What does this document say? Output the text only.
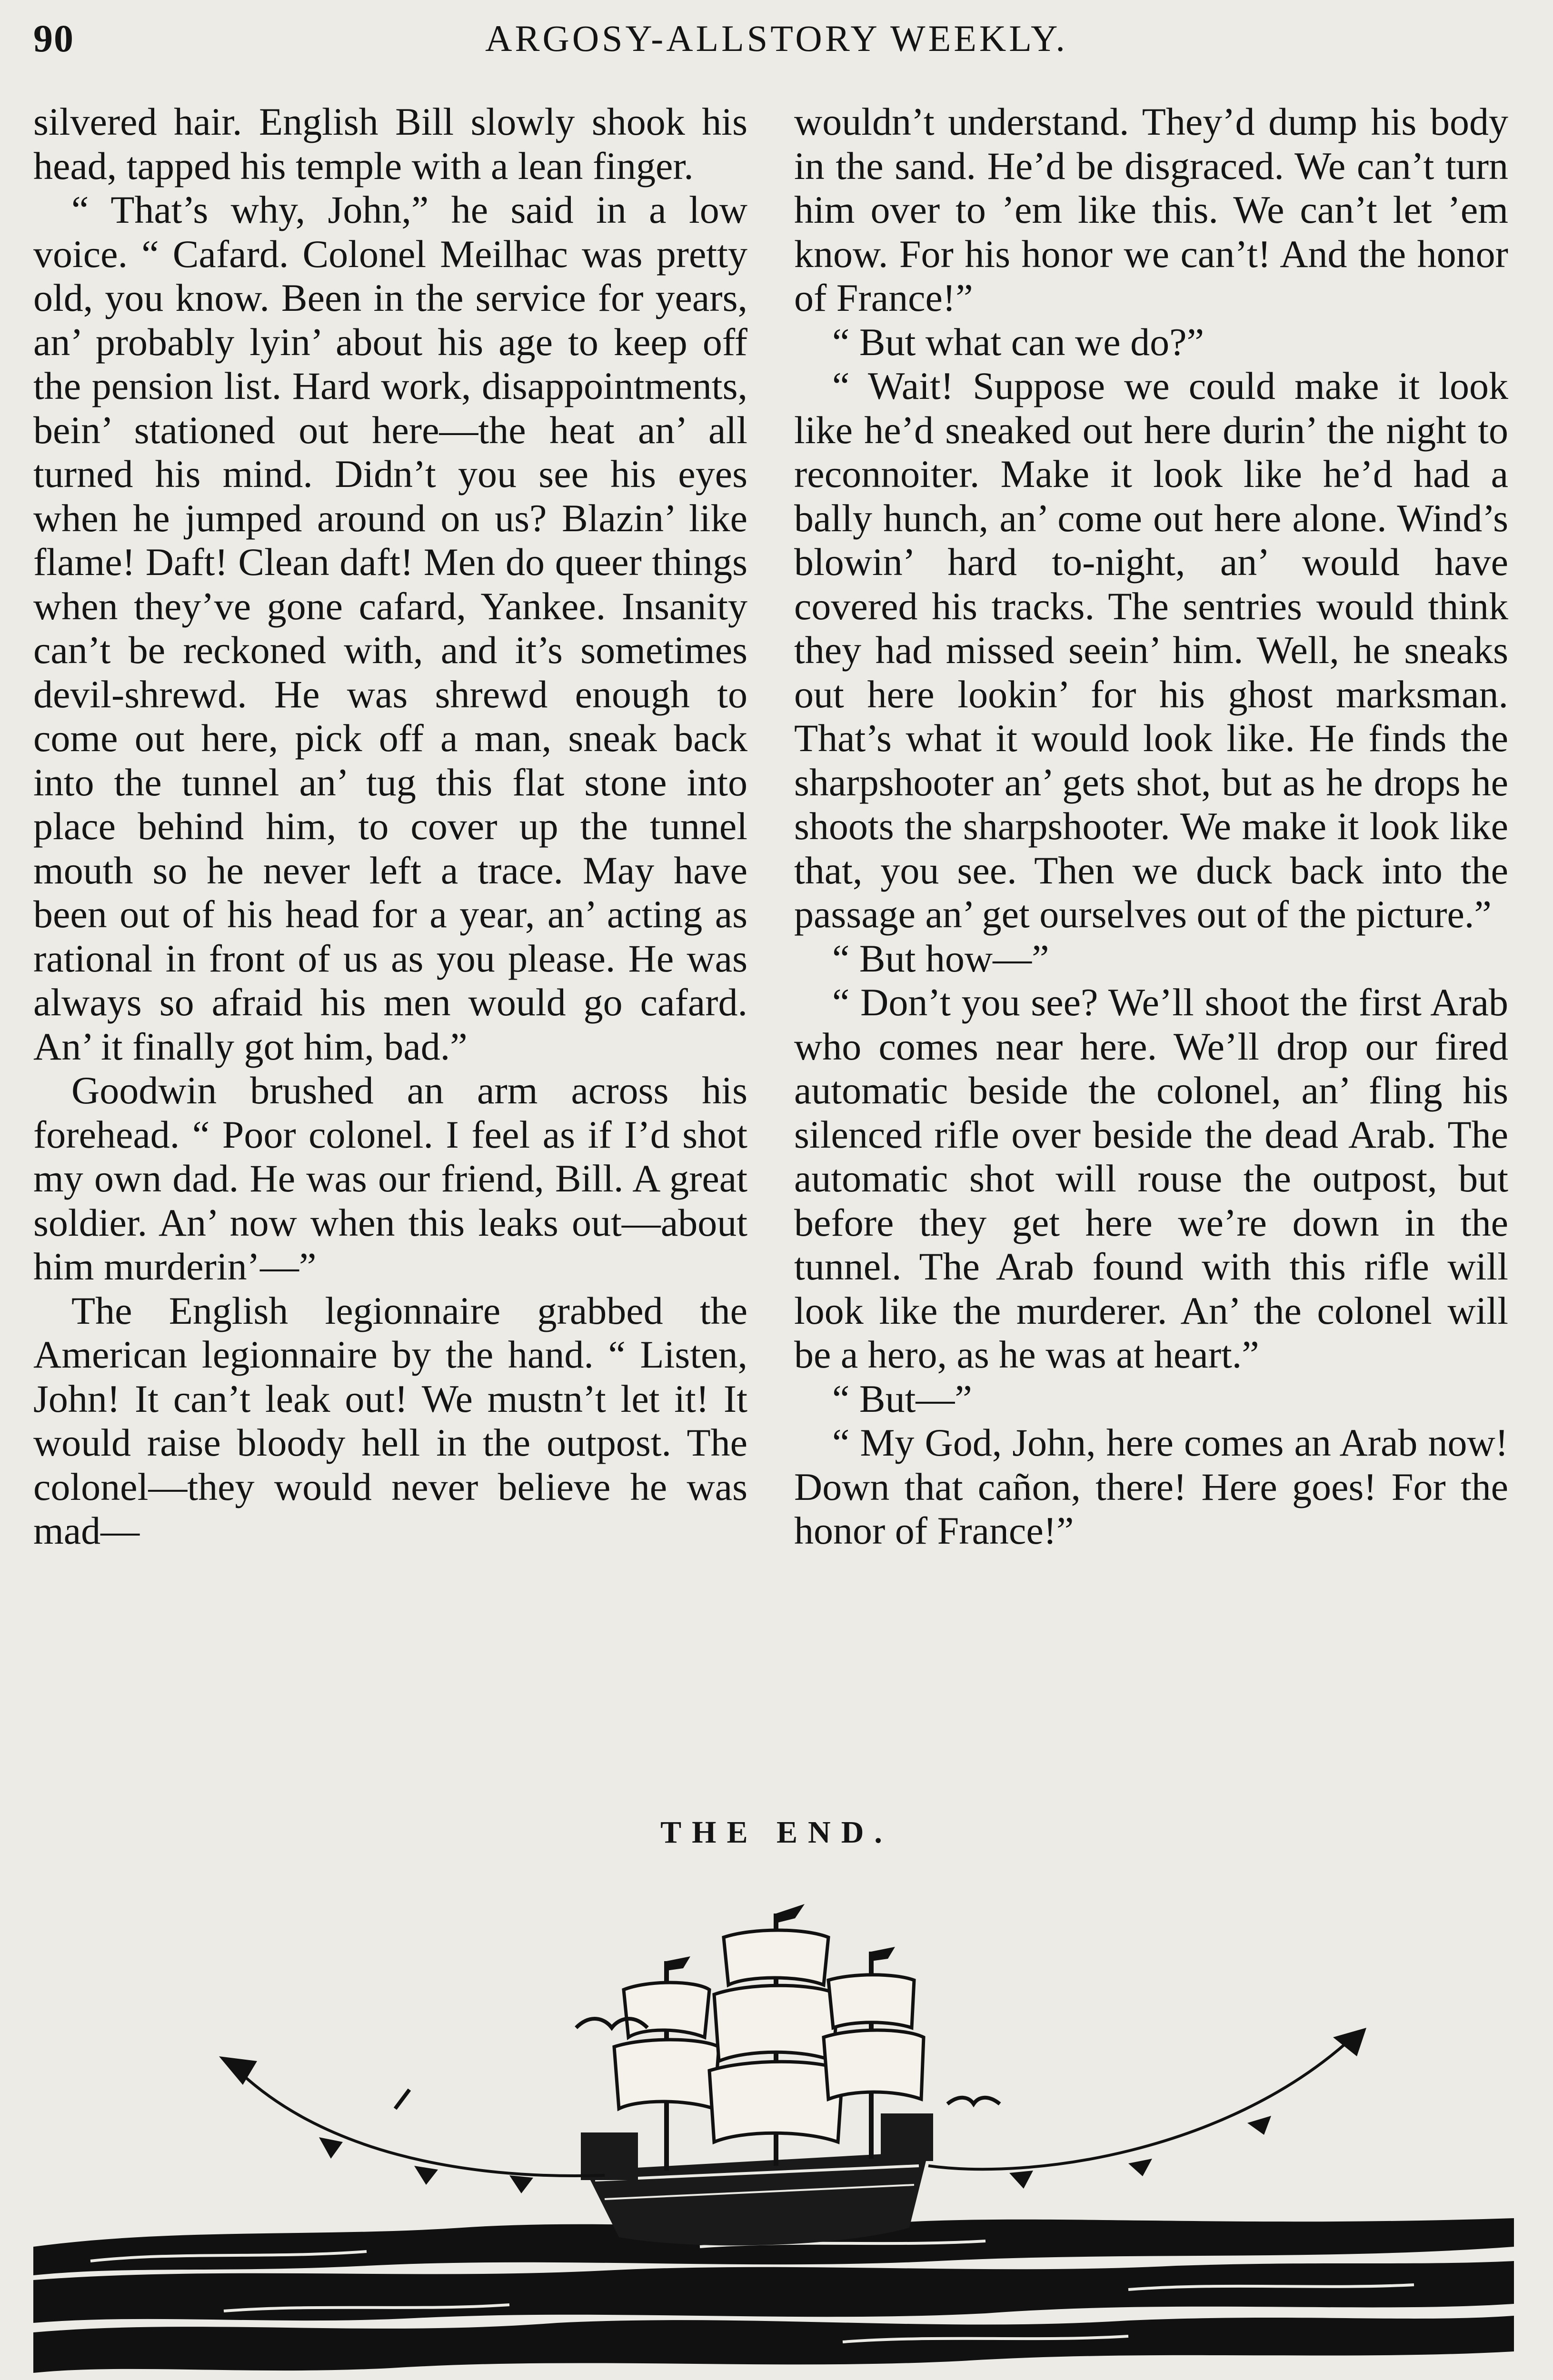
90	ARGOSY-ALLSTORY WEEKLY.

silvered hair. English Bill slowly shook his head, tapped his temple with a lean finger.

“ That’s why, John,” he said in a low voice. “ Cafard. Colonel Meilhac was pretty old, you know. Been in the service for years, an’ probably lyin’ about his age to keep off the pension list. Hard work, disappointments, bein’ stationed out here—the heat an’ all turned his mind. Didn’t you see his eyes when he jumped around on us? Blazin’ like flame! Daft! Clean daft! Men do queer things when they’ve gone cafard, Yankee. Insanity can’t be reckoned with, and it’s sometimes devil-shrewd. He was shrewd enough to come out here, pick off a man, sneak back into the tunnel an’ tug this flat stone into place behind him, to cover up the tunnel mouth so he never left a trace. May have been out of his head for a year, an’ acting as rational in front of us as you please. He was always so afraid his men would go cafard. An’ it finally got him, bad.”

Goodwin brushed an arm across his forehead. “ Poor colonel. I feel as if I’d shot my own dad. He was our friend, Bill. A great soldier. An’ now when this leaks out—about him murderin’—”

The English legionnaire grabbed the American legionnaire by the hand. “ Listen, John! It can’t leak out! We mustn’t let it! It would raise bloody hell in the outpost. The colonel—they would never believe he was mad—

wouldn’t understand. They’d dump his body in the sand. He’d be disgraced. We can’t turn him over to ’em like this. We can’t let ’em know. For his honor we can’t! And the honor of France!”

“ But what can we do?”

“ Wait! Suppose we could make it look like he’d sneaked out here durin’ the night to reconnoiter. Make it look like he’d had a bally hunch, an’ come out here alone. Wind’s blowin’ hard to-night, an’ would have covered his tracks. The sentries would think they had missed seein’ him. Well, he sneaks out here lookin’ for his ghost marksman. That’s what it would look like. He finds the sharpshooter an’ gets shot, but as he drops he shoots the sharpshooter. We make it look like that, you see. Then we duck back into the passage an’ get ourselves out of the picture.”

“ But how—”

“ Don’t you see? We’ll shoot the first Arab who comes near here. We’ll drop our fired automatic beside the colonel, an’ fling his silenced rifle over beside the dead Arab. The automatic shot will rouse the outpost, but before they get here we’re down in the tunnel. The Arab found with this rifle will look like the murderer. An’ the colonel will be a hero, as he was at heart.”

“ But—”

“ My God, John, here comes an Arab now! Down that cañon, there! Here goes! For the honor of France!”

THE END.
